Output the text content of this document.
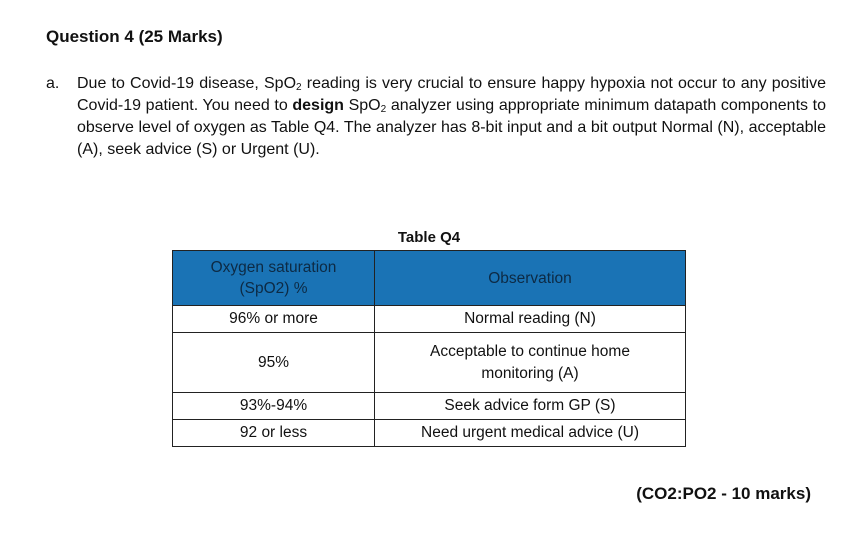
Question 4 (25 Marks)
a. Due to Covid-19 disease, SpO$_2$ reading is very crucial to ensure happy hypoxia not occur to any positive Covid-19 patient. You need to design SpO$_2$ analyzer using appropriate minimum datapath components to observe level of oxygen as Table Q4. The analyzer has 8-bit input and a bit output Normal (N), acceptable (A), seek advice (S) or Urgent (U).
Table Q4
Oxygen saturation
(SpO2) %	Observation
96% or more	Normal reading (N)
95%	Acceptable to continue home
monitoring (A)
93%-94%	Seek advice form GP (S)
92 or less	Need urgent medical advice (U)
(CO2:PO2 - 10 marks)
